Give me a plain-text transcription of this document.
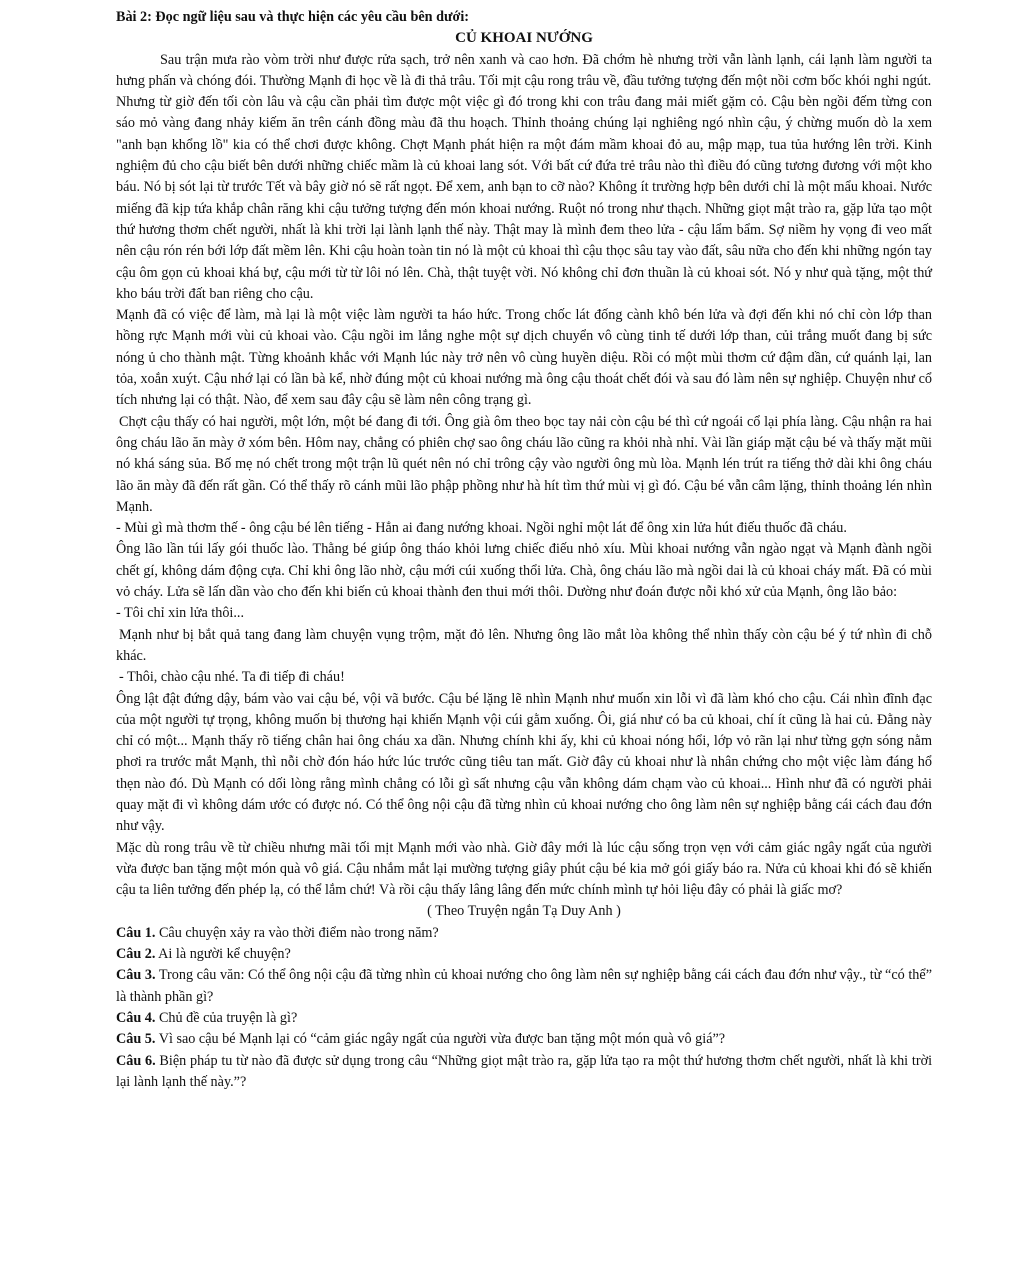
Bài 2: Đọc ngữ liệu sau và thực hiện các yêu cầu bên dưới:
CỦ KHOAI NƯỚNG

Sau trận mưa rào vòm trời như được rửa sạch, trở nên xanh và cao hơn. Đã chớm hè nhưng trời vẫn lành lạnh, cái lạnh làm người ta hưng phấn và chóng đói. Thường Mạnh đi học về là đi thả trâu. Tối mịt cậu rong trâu về, đầu tưởng tượng đến một nồi cơm bốc khói nghi ngút.

Nhưng từ giờ đến tối còn lâu và cậu cần phải tìm được một việc gì đó trong khi con trâu đang mải miết gặm cỏ. Cậu bèn ngồi đếm từng con sáo mỏ vàng đang nhảy kiếm ăn trên cánh đồng màu đã thu hoạch. Thỉnh thoảng chúng lại nghiêng ngó nhìn cậu, ý chừng muốn dò la xem "anh bạn khổng lồ" kia có thể chơi được không. Chợt Mạnh phát hiện ra một đám mầm khoai đỏ au, mập mạp, tua tủa hướng lên trời. Kinh nghiệm đủ cho cậu biết bên dưới những chiếc mầm là củ khoai lang sót. Với bất cứ đứa trẻ trâu nào thì điều đó cũng tương đương với một kho báu. Nó bị sót lại từ trước Tết và bây giờ nó sẽ rất ngọt. Để xem, anh bạn to cỡ nào? Không ít trường hợp bên dưới chỉ là một mẩu khoai. Nước miếng đã kịp tứa khắp chân răng khi cậu tưởng tượng đến món khoai nướng. Ruột nó trong như thạch. Những giọt mật trào ra, gặp lửa tạo một thứ hương thơm chết người, nhất là khi trời lại lành lạnh thế này. Thật may là mình đem theo lửa - cậu lẩm bẩm. Sợ niềm hy vọng đi veo mất nên cậu rón rén bới lớp đất mềm lên. Khi cậu hoàn toàn tin nó là một củ khoai thì cậu thọc sâu tay vào đất, sâu nữa cho đến khi những ngón tay cậu ôm gọn củ khoai khá bự, cậu mới từ từ lôi nó lên. Chà, thật tuyệt vời. Nó không chỉ đơn thuần là củ khoai sót. Nó y như quà tặng, một thứ kho báu trời đất ban riêng cho cậu.

Mạnh đã có việc để làm, mà lại là một việc làm người ta háo hức. Trong chốc lát đống cành khô bén lửa và đợi đến khi nó chỉ còn lớp than hồng rực Mạnh mới vùi củ khoai vào. Cậu ngồi im lắng nghe một sự dịch chuyển vô cùng tinh tế dưới lớp than, củi trắng muốt đang bị sức nóng ủ cho thành mật. Từng khoảnh khắc với Mạnh lúc này trở nên vô cùng huyền diệu. Rồi có một mùi thơm cứ đậm dần, cứ quánh lại, lan tỏa, xoắn xuýt. Cậu nhớ lại có lần bà kể, nhờ đúng một củ khoai nướng mà ông cậu thoát chết đói và sau đó làm nên sự nghiệp. Chuyện như cổ tích nhưng lại có thật. Nào, để xem sau đây cậu sẽ làm nên công trạng gì.

Chợt cậu thấy có hai người, một lớn, một bé đang đi tới. Ông già ôm theo bọc tay nải còn cậu bé thì cứ ngoái cổ lại phía làng. Cậu nhận ra hai ông cháu lão ăn mày ở xóm bên. Hôm nay, chẳng có phiên chợ sao ông cháu lão cũng ra khỏi nhà nhỉ. Vài lần giáp mặt cậu bé và thấy mặt mũi nó khá sáng sủa. Bố mẹ nó chết trong một trận lũ quét nên nó chỉ trông cậy vào người ông mù lòa. Mạnh lén trút ra tiếng thở dài khi ông cháu lão ăn mày đã đến rất gần. Có thể thấy rõ cánh mũi lão phập phồng như hà hít tìm thứ mùi vị gì đó. Cậu bé vẫn câm lặng, thỉnh thoảng lén nhìn Mạnh.

- Mùi gì mà thơm thế - ông cậu bé lên tiếng - Hẳn ai đang nướng khoai. Ngồi nghỉ một lát để ông xin lửa hút điếu thuốc đã cháu.

Ông lão lần túi lấy gói thuốc lào. Thằng bé giúp ông tháo khỏi lưng chiếc điếu nhỏ xíu. Mùi khoai nướng vẫn ngào ngạt và Mạnh đành ngồi chết gí, không dám động cựa. Chỉ khi ông lão nhờ, cậu mới cúi xuống thổi lửa. Chà, ông cháu lão mà ngồi dai là củ khoai cháy mất. Đã có mùi vỏ cháy. Lửa sẽ lấn dần vào cho đến khi biến củ khoai thành đen thui mới thôi. Dường như đoán được nỗi khó xử của Mạnh, ông lão bảo:

- Tôi chỉ xin lửa thôi...

Mạnh như bị bắt quả tang đang làm chuyện vụng trộm, mặt đỏ lên. Nhưng ông lão mắt lòa không thể nhìn thấy còn cậu bé ý tứ nhìn đi chỗ khác.

- Thôi, chào cậu nhé. Ta đi tiếp đi cháu!

Ông lật đật đứng dậy, bám vào vai cậu bé, vội vã bước. Cậu bé lặng lẽ nhìn Mạnh như muốn xin lỗi vì đã làm khó cho cậu. Cái nhìn đĩnh đạc của một người tự trọng, không muốn bị thương hại khiến Mạnh vội cúi gằm xuống. Ôi, giá như có ba củ khoai, chí ít cũng là hai củ. Đằng này chỉ có một... Mạnh thấy rõ tiếng chân hai ông cháu xa dần. Nhưng chính khi ấy, khi củ khoai nóng hổi, lớp vỏ rãn lại như từng gợn sóng nằm phơi ra trước mắt Mạnh, thì nỗi chờ đón háo hức lúc trước cũng tiêu tan mất. Giờ đây củ khoai như là nhân chứng cho một việc làm đáng hổ thẹn nào đó. Dù Mạnh có dối lòng rằng mình chẳng có lỗi gì sất nhưng cậu vẫn không dám chạm vào củ khoai... Hình như đã có người phải quay mặt đi vì không dám ước có được nó. Có thể ông nội cậu đã từng nhìn củ khoai nướng cho ông làm nên sự nghiệp bằng cái cách đau đớn như vậy.

Mặc dù rong trâu về từ chiều nhưng mãi tối mịt Mạnh mới vào nhà. Giờ đây mới là lúc cậu sống trọn vẹn với cảm giác ngây ngất của người vừa được ban tặng một món quà vô giá. Cậu nhắm mắt lại mường tượng giây phút cậu bé kia mở gói giấy báo ra. Nửa củ khoai khi đó sẽ khiến cậu ta liên tưởng đến phép lạ, có thể lắm chứ! Và rồi cậu thấy lâng lâng đến mức chính mình tự hỏi liệu đây có phải là giấc mơ?

( Theo Truyện ngắn Tạ Duy Anh )

Câu 1. Câu chuyện xảy ra vào thời điểm nào trong năm?

Câu 2. Ai là người kể chuyện?

Câu 3. Trong câu văn: Có thể ông nội cậu đã từng nhìn củ khoai nướng cho ông làm nên sự nghiệp bằng cái cách đau đớn như vậy., từ “có thể” là thành phần gì?

Câu 4. Chủ đề của truyện là gì?

Câu 5. Vì sao cậu bé Mạnh lại có “cảm giác ngây ngất của người vừa được ban tặng một món quà vô giá”?

Câu 6. Biện pháp tu từ nào đã được sử dụng trong câu “Những giọt mật trào ra, gặp lửa tạo ra một thứ hương thơm chết người, nhất là khi trời lại lành lạnh thế này.”?
